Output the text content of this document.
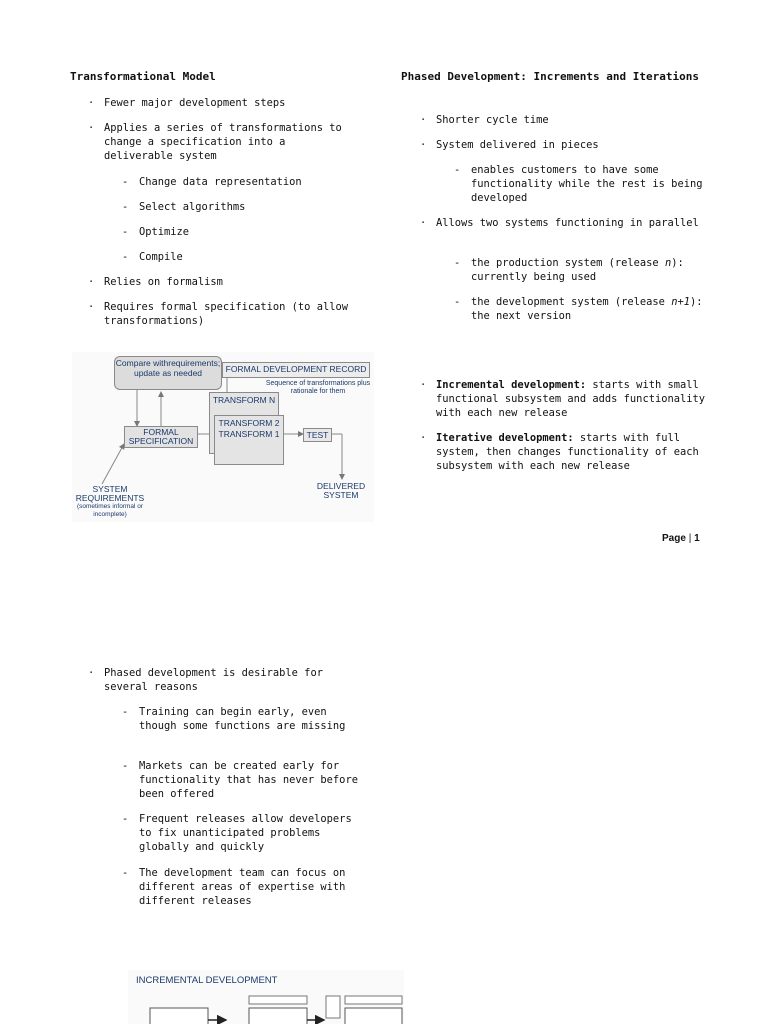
Transformational Model
· Fewer major development steps
· Applies a series of transformations to change a specification into a deliverable system
- Change data representation
- Select algorithms
- Optimize
- Compile
· Relies on formalism
· Requires formal specification (to allow transformations)
Compare withrequirements; update as needed	FORMAL DEVELOPMENT RECORD
Sequence of transformations plus rationale for them
TRANSFORM N
TRANSFORM 2
TRANSFORM 1
FORMAL SPECIFICATION
TEST
SYSTEM REQUIREMENTS
(sometimes informal or incomplete)
DELIVERED SYSTEM
Phased Development: Increments and Iterations
· Shorter cycle time
· System delivered in pieces
- enables customers to have some functionality while the rest is being developed
· Allows two systems functioning in parallel
- the production system (release n): currently being used
- the development system (release n+1): the next version
· Incremental development: starts with small functional subsystem and adds functionality with each new release
· Iterative development: starts with full system, then changes functionality of each subsystem with each new release
Page | 1
· Phased development is desirable for several reasons
- Training can begin early, even though some functions are missing
- Markets can be created early for functionality that has never before been offered
- Frequent releases allow developers to fix unanticipated problems globally and quickly
- The development team can focus on different areas of expertise with different releases
INCREMENTAL DEVELOPMENT
